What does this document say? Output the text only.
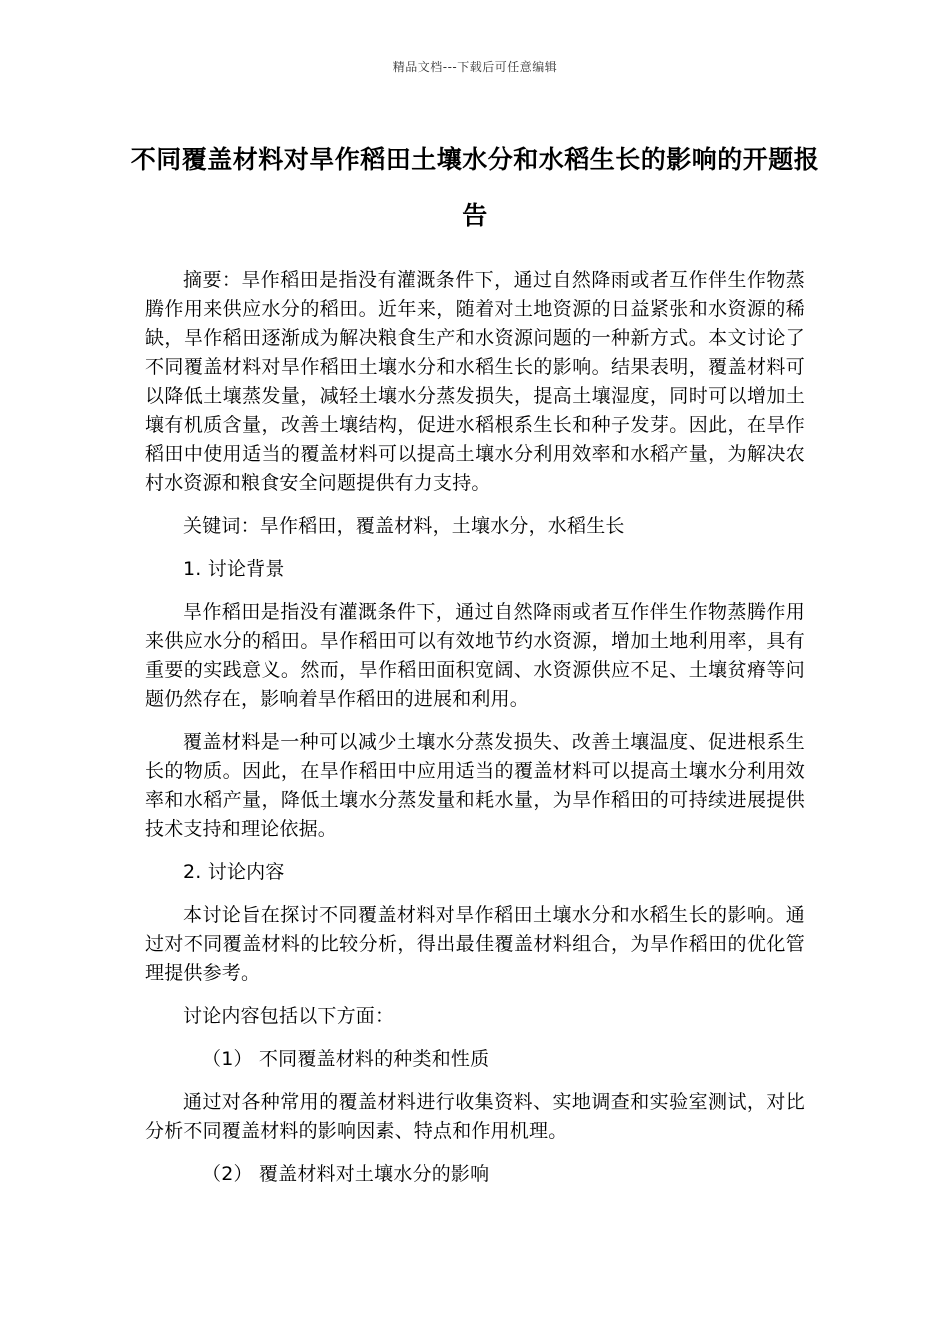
精品文档---下载后可任意编辑
不同覆盖材料对旱作稻田土壤水分和水稻生长的影响的开题报告

摘要：旱作稻田是指没有灌溉条件下，通过自然降雨或者互作伴生作物蒸腾作用来供应水分的稻田。近年来，随着对土地资源的日益紧张和水资源的稀缺，旱作稻田逐渐成为解决粮食生产和水资源问题的一种新方式。本文讨论了不同覆盖材料对旱作稻田土壤水分和水稻生长的影响。结果表明，覆盖材料可以降低土壤蒸发量，减轻土壤水分蒸发损失，提高土壤湿度，同时可以增加土壤有机质含量，改善土壤结构，促进水稻根系生长和种子发芽。因此，在旱作稻田中使用适当的覆盖材料可以提高土壤水分利用效率和水稻产量，为解决农村水资源和粮食安全问题提供有力支持。

关键词：旱作稻田，覆盖材料，土壤水分，水稻生长

1. 讨论背景

旱作稻田是指没有灌溉条件下，通过自然降雨或者互作伴生作物蒸腾作用来供应水分的稻田。旱作稻田可以有效地节约水资源，增加土地利用率，具有重要的实践意义。然而，旱作稻田面积宽阔、水资源供应不足、土壤贫瘠等问题仍然存在，影响着旱作稻田的进展和利用。

覆盖材料是一种可以减少土壤水分蒸发损失、改善土壤温度、促进根系生长的物质。因此，在旱作稻田中应用适当的覆盖材料可以提高土壤水分利用效率和水稻产量，降低土壤水分蒸发量和耗水量，为旱作稻田的可持续进展提供技术支持和理论依据。

2. 讨论内容

本讨论旨在探讨不同覆盖材料对旱作稻田土壤水分和水稻生长的影响。通过对不同覆盖材料的比较分析，得出最佳覆盖材料组合，为旱作稻田的优化管理提供参考。

讨论内容包括以下方面：

（1） 不同覆盖材料的种类和性质

通过对各种常用的覆盖材料进行收集资料、实地调查和实验室测试，对比分析不同覆盖材料的影响因素、特点和作用机理。

（2） 覆盖材料对土壤水分的影响
